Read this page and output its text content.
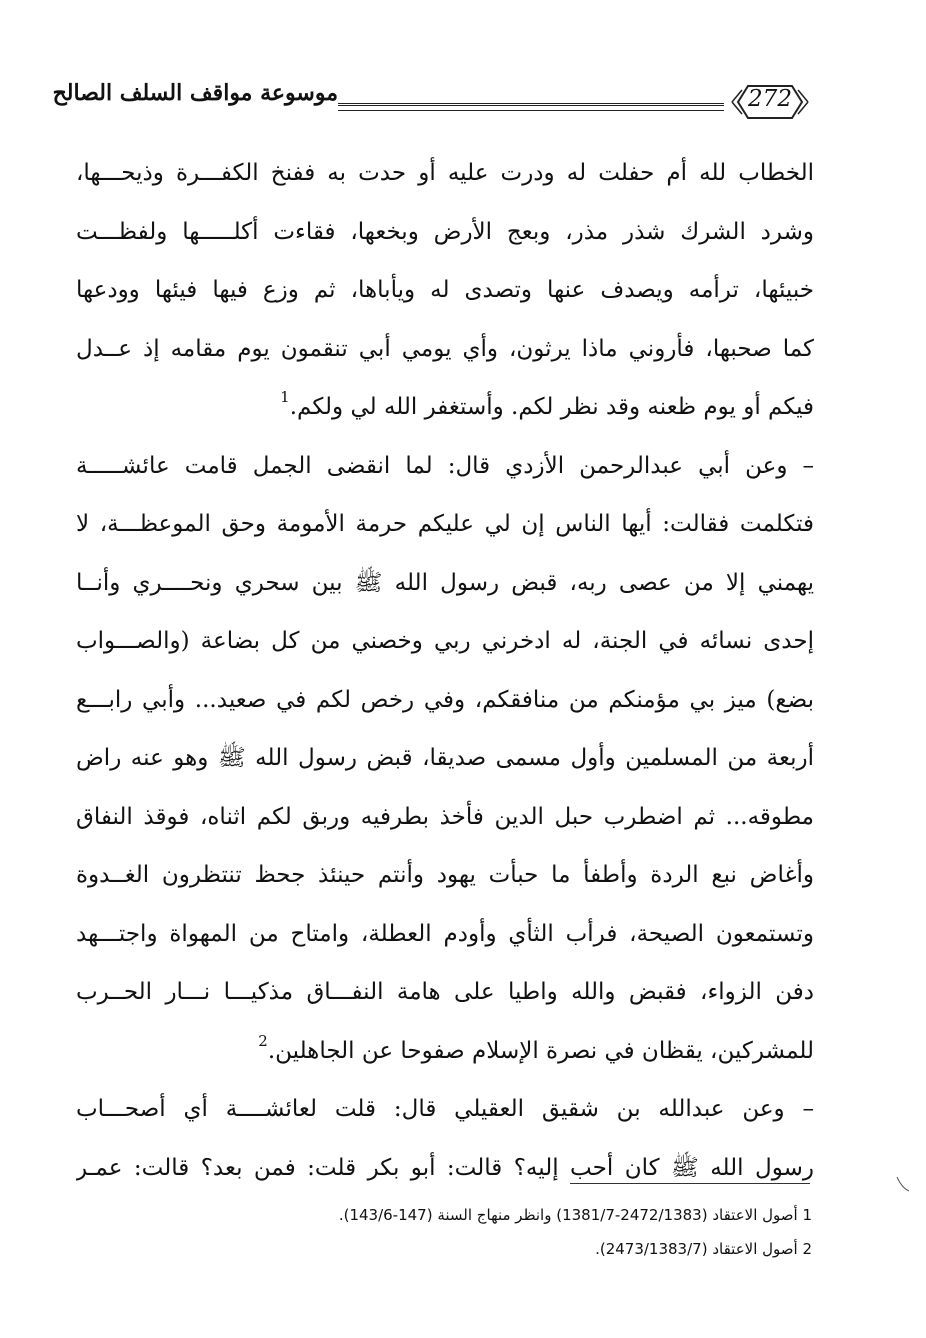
272
موسوعة مواقف السلف الصالح
الخطاب لله أم حفلت له ودرت عليه أو حدت به ففنخ الكفـــرة وذيحـــها،
وشرد الشرك شذر مذر، وبعج الأرض وبخعها، فقاءت أكلـــــها ولفظـــت
خبيئها، ترأمه ويصدف عنها وتصدى له ويأباها، ثم وزع فيها فيئها وودعها
كما صحبها، فأروني ماذا يرثون، وأي يومي أبي تنقمون يوم مقامه إذ عــدل
فيكم أو يوم ظعنه وقد نظر لكم. وأستغفر الله لي ولكم.$^1$
– وعن أبي عبدالرحمن الأزدي قال: لما انقضى الجمل قامت عائشـــــة
فتكلمت فقالت: أيها الناس إن لي عليكم حرمة الأمومة وحق الموعظـــة، لا
يهمني إلا من عصى ربه، قبض رسول الله ﷺ بين سحري ونحــــري وأنــا
إحدى نسائه في الجنة، له ادخرني ربي وخصني من كل بضاعة (والصـــواب
بضع) ميز بي مؤمنكم من منافقكم، وفي رخص لكم في صعيد... وأبي رابـــع
أربعة من المسلمين وأول مسمى صديقا، قبض رسول الله ﷺ وهو عنه راض
مطوقه... ثم اضطرب حبل الدين فأخذ بطرفيه وربق لكم اثناه، فوقذ النفاق
وأغاض نبع الردة وأطفأ ما حبأت يهود وأنتم حينئذ جحظ تنتظرون الغــدوة
وتستمعون الصيحة، فرأب الثأي وأودم العطلة، وامتاح من المهواة واجتـــهد
دفن الزواء، فقبض والله واطيا على هامة النفـــاق مذكيـــا نـــار الحــرب
للمشركين، يقظان في نصرة الإسلام صفوحا عن الجاهلين.$^2$
– وعن عبدالله بن شقيق العقيلي قال: قلت لعائشــــة أي أصحـــاب
رسول الله ﷺ كان أحب إليه؟ قالت: أبو بكر قلت: فمن بعد؟ قالت: عمـر
1 أصول الاعتقاد (2472/1383-1381/7) وانظر منهاج السنة (147-143/6).
2 أصول الاعتقاد (2473/1383/7).
